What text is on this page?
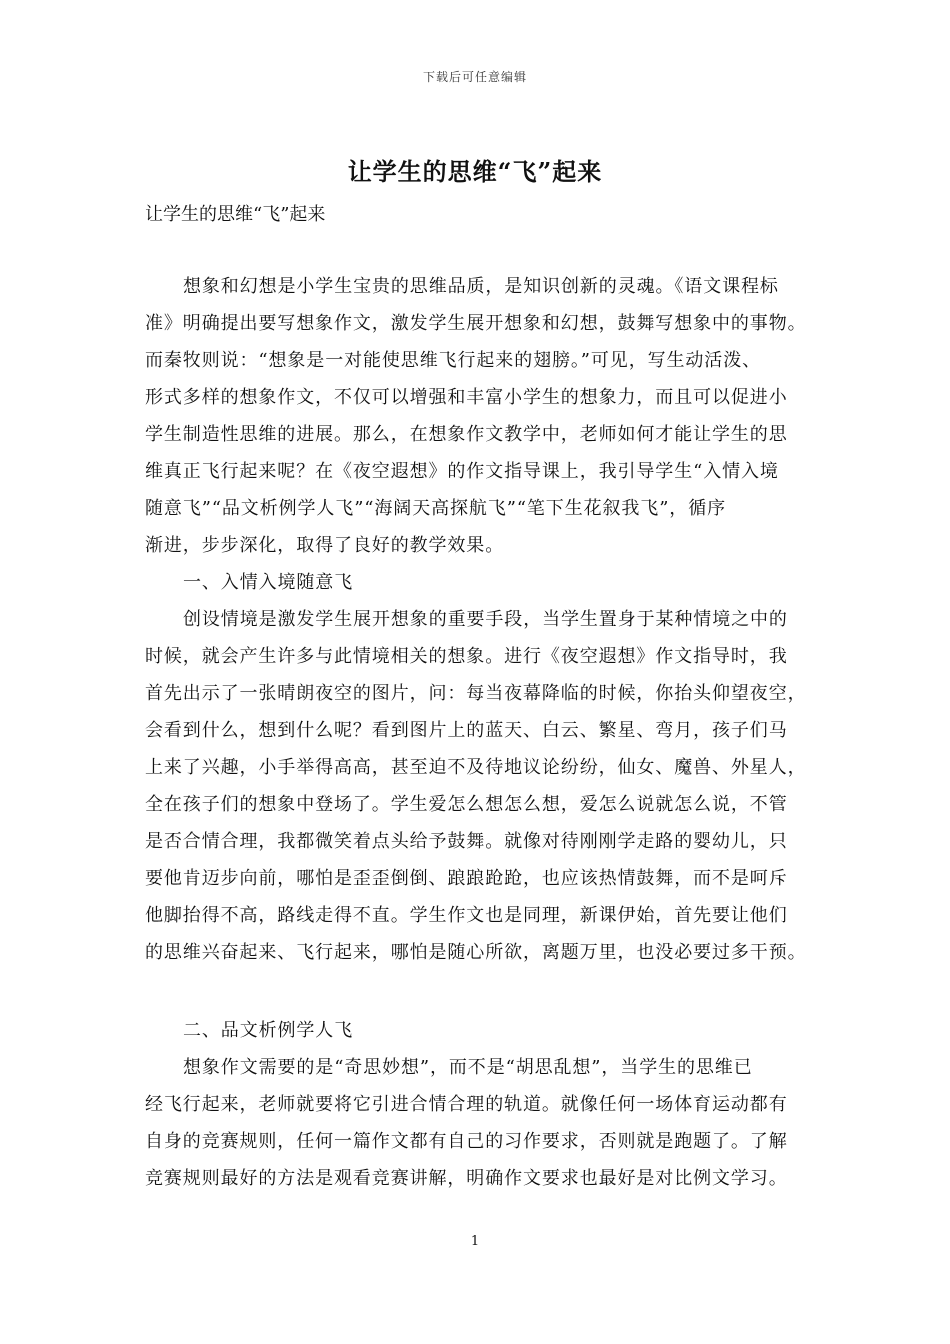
下载后可任意编辑
让学生的思维“飞”起来
让学生的思维“飞”起来
想象和幻想是小学生宝贵的思维品质，是知识创新的灵魂。《语文课程标
准》明确提出要写想象作文，激发学生展开想象和幻想，鼓舞写想象中的事物。
而秦牧则说：“想象是一对能使思维飞行起来的翅膀。”可见，写生动活泼、
形式多样的想象作文，不仅可以增强和丰富小学生的想象力，而且可以促进小
学生制造性思维的进展。那么，在想象作文教学中，老师如何才能让学生的思
维真正飞行起来呢？在《夜空遐想》的作文指导课上，我引导学生“入情入境
随意飞”“品文析例学人飞”“海阔天高探航飞”“笔下生花叙我飞”，循序
渐进，步步深化，取得了良好的教学效果。
一、入情入境随意飞
创设情境是激发学生展开想象的重要手段，当学生置身于某种情境之中的
时候，就会产生许多与此情境相关的想象。进行《夜空遐想》作文指导时，我
首先出示了一张晴朗夜空的图片，问：每当夜幕降临的时候，你抬头仰望夜空，
会看到什么，想到什么呢？看到图片上的蓝天、白云、繁星、弯月，孩子们马
上来了兴趣，小手举得高高，甚至迫不及待地议论纷纷，仙女、魔兽、外星人，
全在孩子们的想象中登场了。学生爱怎么想怎么想，爱怎么说就怎么说，不管
是否合情合理，我都微笑着点头给予鼓舞。就像对待刚刚学走路的婴幼儿，只
要他肯迈步向前，哪怕是歪歪倒倒、踉踉跄跄，也应该热情鼓舞，而不是呵斥
他脚抬得不高，路线走得不直。学生作文也是同理，新课伊始，首先要让他们
的思维兴奋起来、飞行起来，哪怕是随心所欲，离题万里，也没必要过多干预。
二、品文析例学人飞
想象作文需要的是“奇思妙想”，而不是“胡思乱想”，当学生的思维已
经飞行起来，老师就要将它引进合情合理的轨道。就像任何一场体育运动都有
自身的竞赛规则，任何一篇作文都有自己的习作要求，否则就是跑题了。了解
竞赛规则最好的方法是观看竞赛讲解，明确作文要求也最好是对比例文学习。
1
